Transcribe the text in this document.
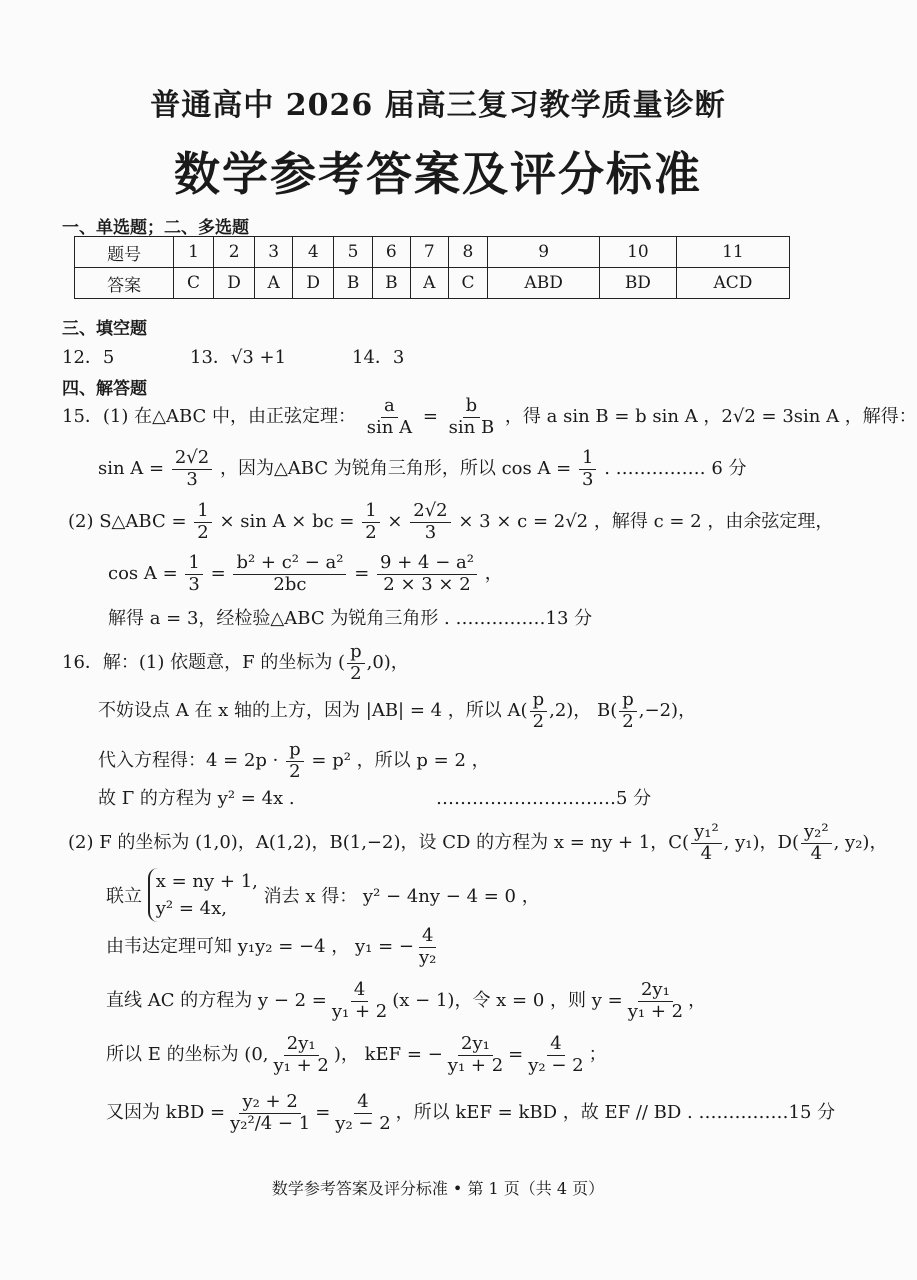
普通高中 2026 届高三复习教学质量诊断
数学参考答案及评分标准
一、单选题；二、多选题
题号	1	2	3	4	5	6	7	8	9	10	11
答案	C	D	A	D	B	B	A	C	ABD	BD	ACD
三、填空题
12．5	13．√3 +1	14．3
四、解答题
15．(1) 在△ABC 中，由正弦定理： $\frac{a}{\text{sin A}} = \frac{b}{\text{sin B}}$ ，得 a sin B = b sin A ，2√2 = 3sin A ，解得：
$\sin A = \frac{2√2}{3}$ ，因为△ABC 为锐角三角形，所以 $\cos A = \frac{1}{3}$ . …………… 6 分
(2) S△ABC = $\frac{1}{2} \times \sin A$ × bc = $\frac{1}{2} \times \frac{2√2}{3} \times 3 \times c = 2√2$ ，解得 c = 2 ，由余弦定理，
$\cos A = \frac{1}{3} = \frac{\text{b² + c² − a²}}{2bc} = \frac{\text{9 + 4 − a²}}{2 \times 3 \times 2}$ ，
解得 a = 3，经检验△ABC 为锐角三角形 . ……………13 分
16．解：(1) 依题意，F 的坐标为 ( $\frac{p}{2} ,0$)，
不妨设点 A 在 x 轴的上方，因为 |AB| = 4 ，所以 $A( \frac{p}{2} ,2)$， $B( \frac{p}{2} ,-2)$，
代入方程得：$4 = 2p \cdot \frac{p}{2} = p^2$ ，所以 p = 2 ，
故 Γ 的方程为 y² = 4x .	…………………………5 分
(2) F 的坐标为 (1,0)，A(1,2)，B(1,−2)，设 CD 的方程为 x = ny + 1，$C( \frac{\text{y₁²}}{4}$ , y₁)，$D( \frac{\text{y₂²}}{4}$ , y₂)，
联立
x = ny + 1,
y² = 4x,
消去 x 得： y² − 4ny − 4 = 0 ，
由韦达定理可知 y₁y₂ = −4 ， y₁ = − $\frac{4}{\text{y₂}}$
直线 AC 的方程为 $y - 2 = \frac{4}{\text{y₁ + 2}} (x - 1)$，令 x = 0 ，则 $y = \frac{\text{2y₁}}{\text{y₁ + 2}}$ ，
所以 E 的坐标为 (0, $\frac{\text{2y₁}}{\text{y₁ + 2}}$ )， kEF = − $\frac{\text{2y₁}}{\text{y₁ + 2}} = \frac{4}{\text{y₂ − 2}}$ ；
又因为 kBD = $\frac{\text{y₂ + 2}}{\text{y₂²/4 − 1}} = \frac{4}{\text{y₂ − 2}}$ ，所以 kEF = kBD ，故 EF // BD . ……………15 分
数学参考答案及评分标准 • 第 1 页（共 4 页）
